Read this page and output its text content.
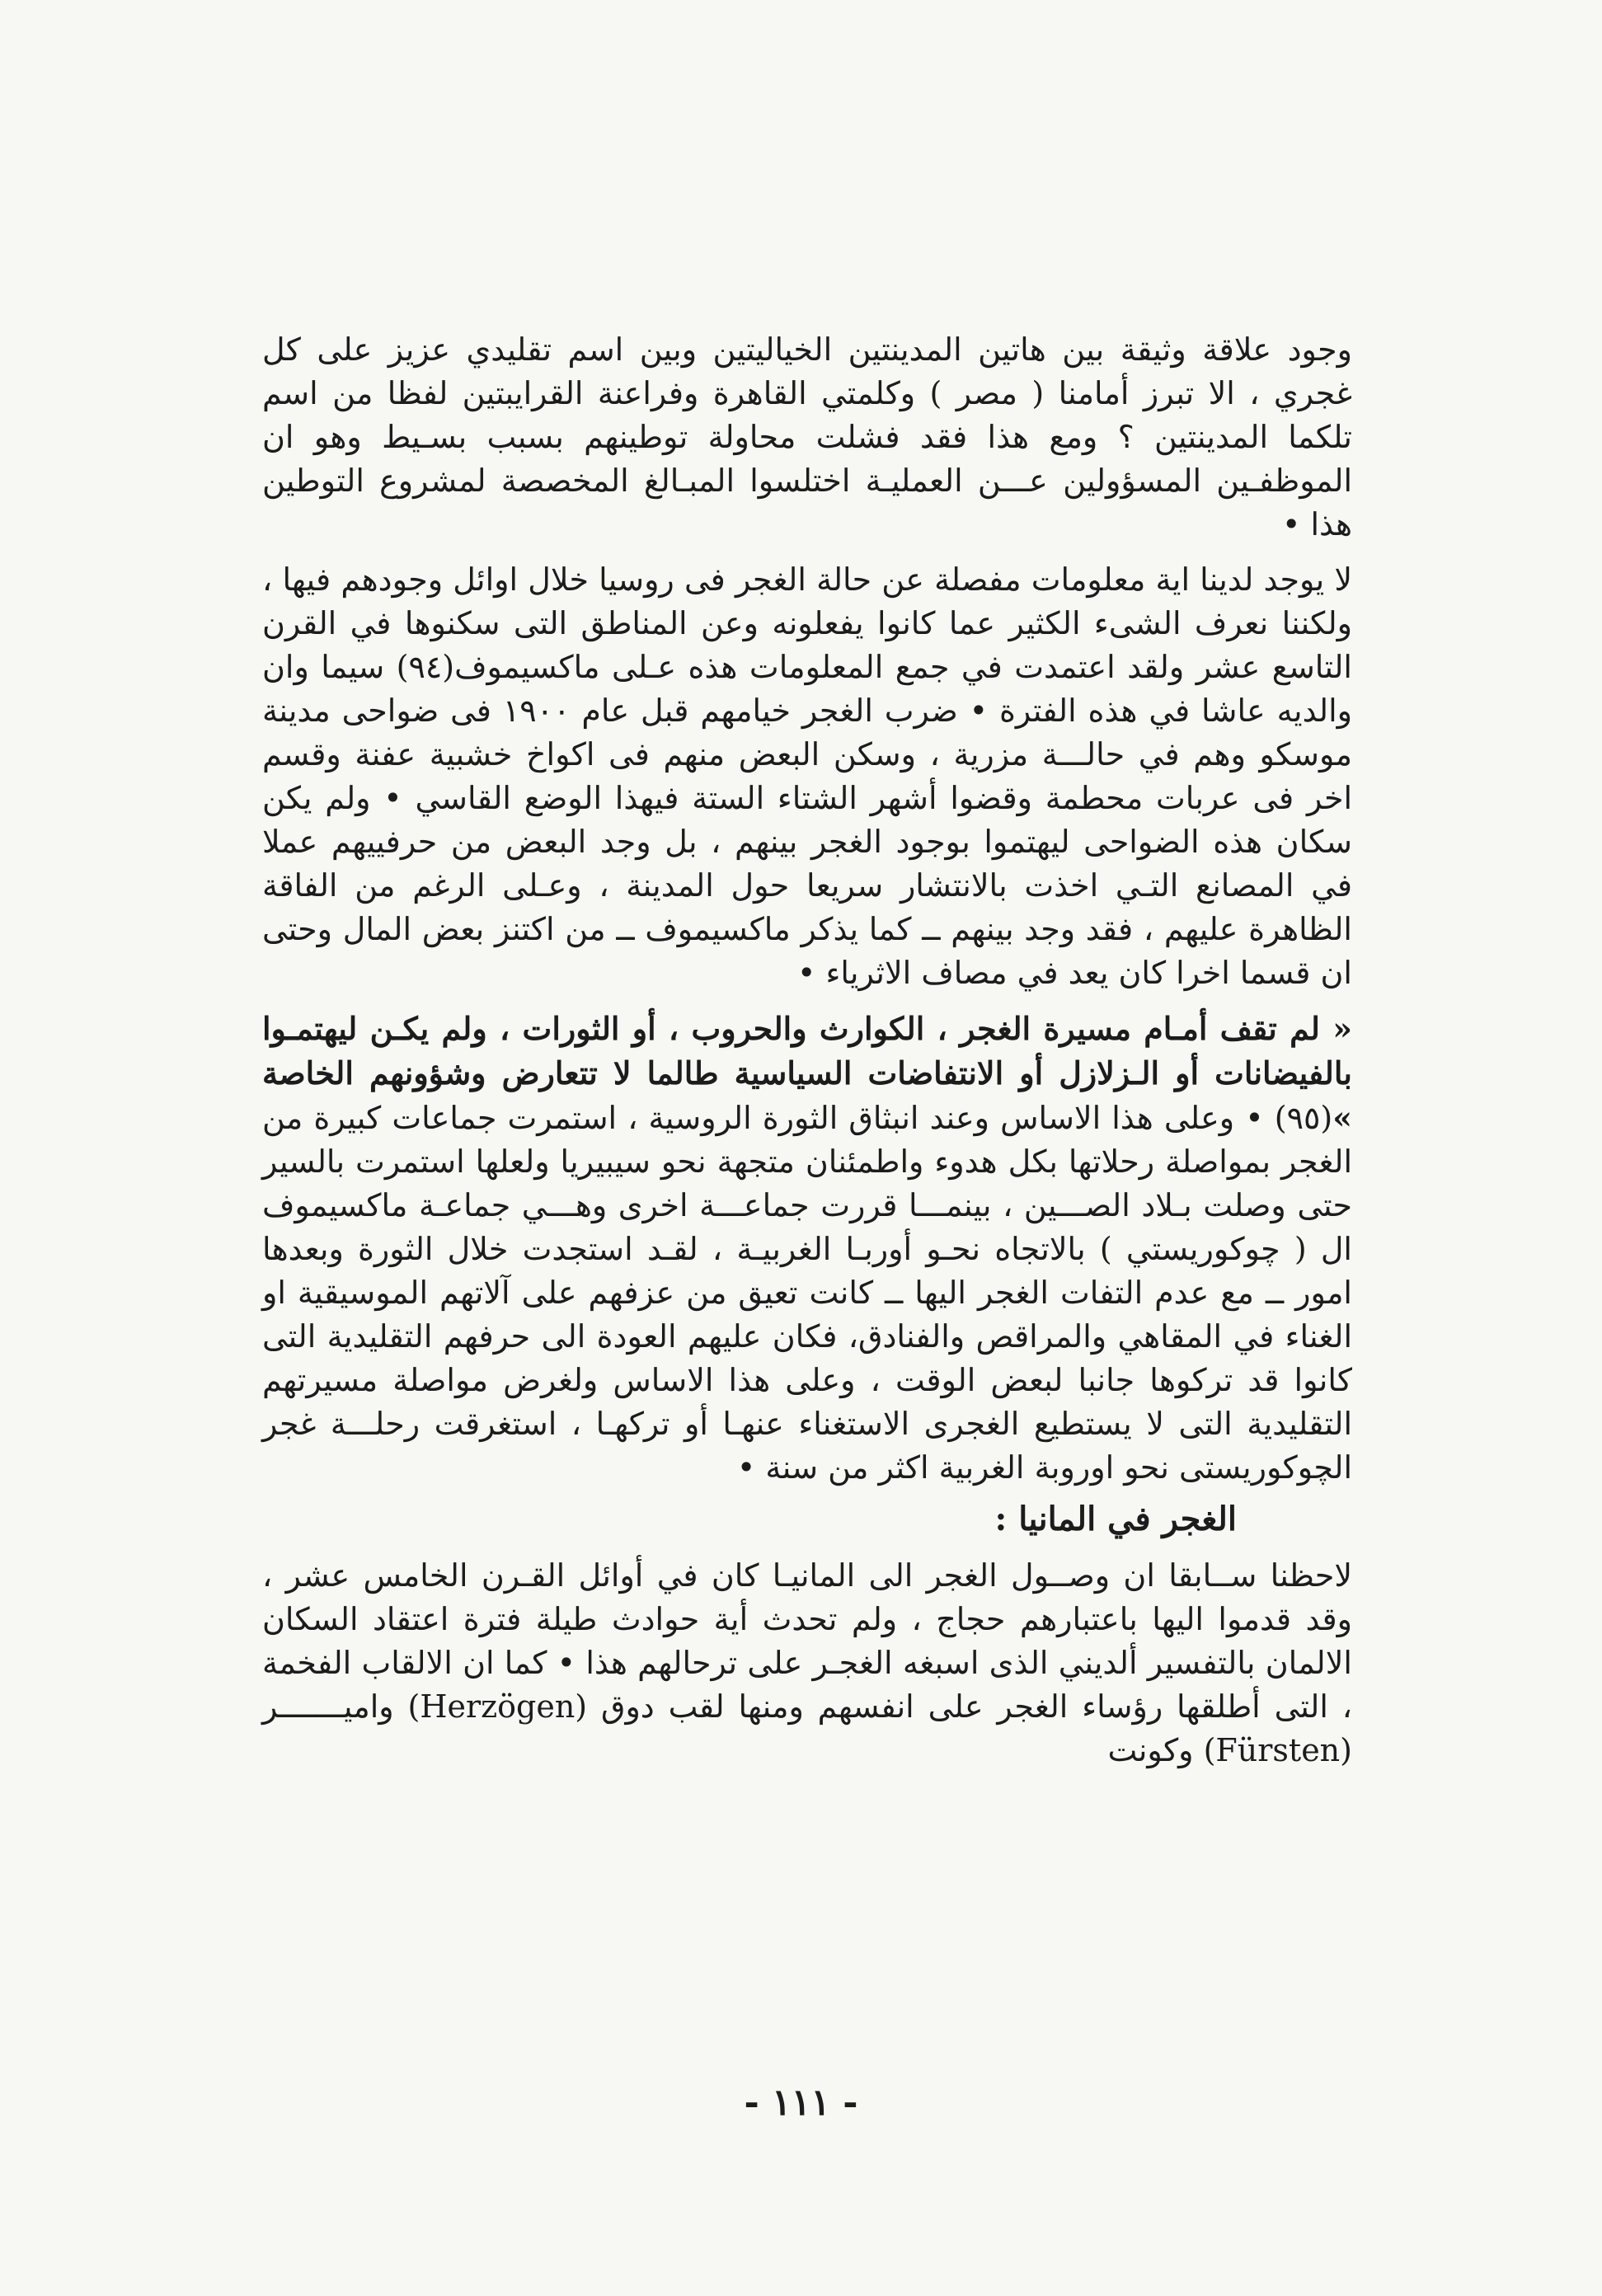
وجود علاقة وثيقة بين هاتين المدينتين الخياليتين وبين اسم تقليدي عزيز على كل غجري ، الا تبرز أمامنا ( مصر ) وكلمتي القاهرة وفراعنة القرايبتين لفظا من اسم تلكما المدينتين ؟ ومع هذا فقد فشلت محاولة توطينهم بسبب بسـيط وهو ان الموظفـين المسؤولين عـــن العمليـة اختلسوا المبـالغ المخصصة لمشروع التوطين هذا •

لا يوجد لدينا اية معلومات مفصلة عن حالة الغجر فى روسيا خلال اوائل وجودهم فيها ، ولكننا نعرف الشىء الكثير عما كانوا يفعلونه وعن المناطق التى سكنوها في القرن التاسع عشر ولقد اعتمدت في جمع المعلومات هذه عـلى ماكسيموف(٩٤) سيما وان والديه عاشا في هذه الفترة • ضرب الغجر خيامهم قبل عام ١٩٠٠ فى ضواحى مدينة موسكو وهم في حالـــة مزرية ، وسكن البعض منهم فى اكواخ خشبية عفنة وقسم اخر فى عربات محطمة وقضوا أشهر الشتاء الستة فيهذا الوضع القاسي • ولم يكن سكان هذه الضواحى ليهتموا بوجود الغجر بينهم ، بل وجد البعض من حرفييهم عملا في المصانع التـي اخذت بالانتشار سريعا حول المدينة ، وعـلى الرغم من الفاقة الظاهرة عليهم ، فقد وجد بينهم ــ كما يذكر ماكسيموف ــ من اكتنز بعض المال وحتى ان قسما اخرا كان يعد في مصاف الاثرياء •

« لم تقف أمـام مسيرة الغجر ، الكوارث والحروب ، أو الثورات ، ولم يكـن ليهتمـوا بالفيضانات أو الـزلازل أو الانتفاضات السياسية طالما لا تتعارض وشؤونهم الخاصة »(٩٥) • وعلى هذا الاساس وعند انبثاق الثورة الروسية ، استمرت جماعات كبيرة من الغجر بمواصلة رحلاتها بكل هدوء واطمئنان متجهة نحو سيبيريا ولعلها استمرت بالسير حتى وصلت بـلاد الصـــين ، بينمـــا قررت جماعـــة اخرى وهـــي جماعـة ماكسيموف ال ( چوكوريستي ) بالاتجاه نحـو أوربـا الغربيـة ، لقـد استجدت خلال الثورة وبعدها امور ــ مع عدم التفات الغجر اليها ــ كانت تعيق من عزفهم على آلاتهم الموسيقية او الغناء في المقاهي والمراقص والفنادق، فكان عليهم العودة الى حرفهم التقليدية التى كانوا قد تركوها جانبا لبعض الوقت ، وعلى هذا الاساس ولغرض مواصلة مسيرتهم التقليدية التى لا يستطيع الغجرى الاستغناء عنهـا أو تركهـا ، استغرقت رحلـــة غجر الچوكوريستى نحو اوروبة الغربية اكثر من سنة •

الغجر في المانيا :

لاحظنا ســابقا ان وصــول الغجر الى المانيـا كان في أوائل القـرن الخامس عشر ، وقد قدموا اليها باعتبارهم حجاج ، ولم تحدث أية حوادث طيلة فترة اعتقاد السكان الالمان بالتفسير ألديني الذى اسبغه الغجـر على ترحالهم هذا • كما ان الالقاب الفخمة ، التى أطلقها رؤساء الغجر على انفسهم ومنها لقب دوق (Herzögen) واميـــــــر (Fürsten) وكونت

- ١١١ -
